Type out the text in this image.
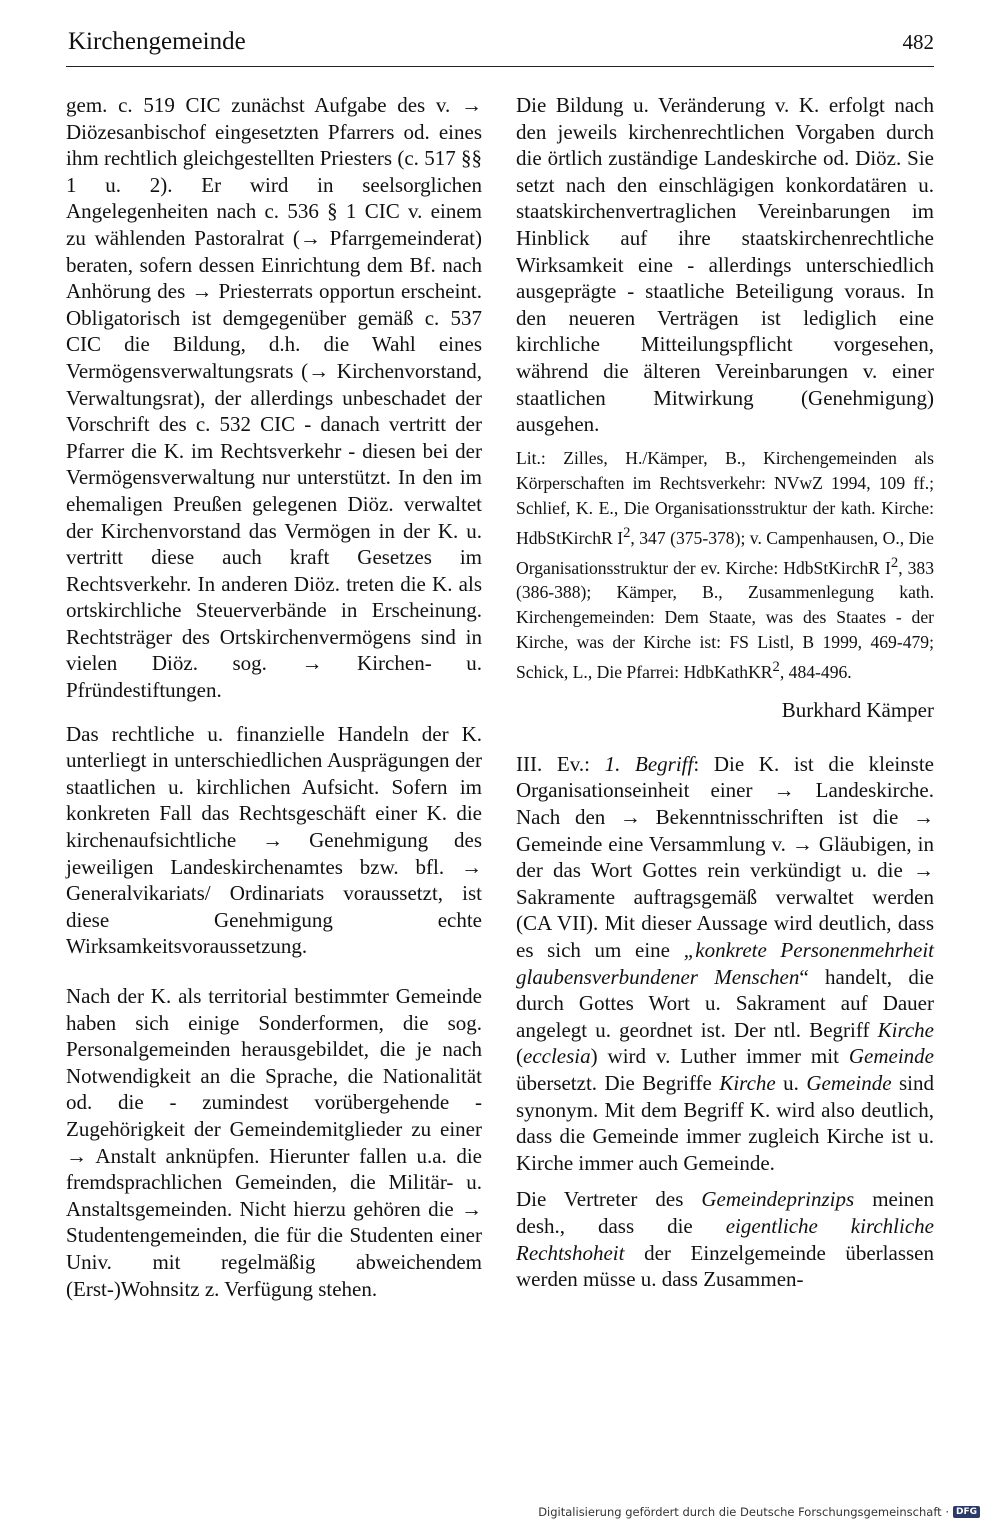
Kirchengemeinde	482

gem. c. 519 CIC zunächst Aufgabe des v. → Diözesanbischof eingesetzten Pfarrers od. eines ihm rechtlich gleichgestellten Priesters (c. 517 §§ 1 u. 2). Er wird in seelsorglichen Angelegenheiten nach c. 536 § 1 CIC v. einem zu wählenden Pastoralrat (→ Pfarrgemeinderat) beraten, sofern dessen Einrichtung dem Bf. nach Anhörung des → Priesterrats opportun erscheint. Obligatorisch ist demgegenüber gemäß c. 537 CIC die Bildung, d.h. die Wahl eines Vermögensverwaltungsrats (→ Kirchenvorstand, Verwaltungsrat), der allerdings unbeschadet der Vorschrift des c. 532 CIC - danach vertritt der Pfarrer die K. im Rechtsverkehr - diesen bei der Vermögensverwaltung nur unterstützt. In den im ehemaligen Preußen gelegenen Diöz. verwaltet der Kirchenvorstand das Vermögen in der K. u. vertritt diese auch kraft Gesetzes im Rechtsverkehr. In anderen Diöz. treten die K. als ortskirchliche Steuerverbände in Erscheinung. Rechtsträger des Ortskirchenvermögens sind in vielen Diöz. sog. → Kirchen- u. Pfründestiftungen.

Das rechtliche u. finanzielle Handeln der K. unterliegt in unterschiedlichen Ausprägungen der staatlichen u. kirchlichen Aufsicht. Sofern im konkreten Fall das Rechtsgeschäft einer K. die kirchenaufsichtliche → Genehmigung des jeweiligen Landeskirchenamtes bzw. bfl. → Generalvikariats/ Ordinariats voraussetzt, ist diese Genehmigung echte Wirksamkeitsvoraussetzung.

Nach der K. als territorial bestimmter Gemeinde haben sich einige Sonderformen, die sog. Personalgemeinden herausgebildet, die je nach Notwendigkeit an die Sprache, die Nationalität od. die - zumindest vorübergehende - Zugehörigkeit der Gemeindemitglieder zu einer → Anstalt anknüpfen. Hierunter fallen u.a. die fremdsprachlichen Gemeinden, die Militär- u. Anstaltsgemeinden. Nicht hierzu gehören die → Studentengemeinden, die für die Studenten einer Univ. mit regelmäßig abweichendem (Erst-)Wohnsitz z. Verfügung stehen.

Die Bildung u. Veränderung v. K. erfolgt nach den jeweils kirchenrechtlichen Vorgaben durch die örtlich zuständige Landeskirche od. Diöz. Sie setzt nach den einschlägigen konkordatären u. staatskirchenvertraglichen Vereinbarungen im Hinblick auf ihre staatskirchenrechtliche Wirksamkeit eine - allerdings unterschiedlich ausgeprägte - staatliche Beteiligung voraus. In den neueren Verträgen ist lediglich eine kirchliche Mitteilungspflicht vorgesehen, während die älteren Vereinbarungen v. einer staatlichen Mitwirkung (Genehmigung) ausgehen.

Lit.: Zilles, H./Kämper, B., Kirchengemeinden als Körperschaften im Rechtsverkehr: NVwZ 1994, 109 ff.; Schlief, K. E., Die Organisationsstruktur der kath. Kirche: HdbStKirchR $I^2$, 347 (375-378); v. Campenhausen, O., Die Organisationsstruktur der ev. Kirche: HdbStKirchR $I^2$, 383 (386-388); Kämper, B., Zusammenlegung kath. Kirchengemeinden: Dem Staate, was des Staates - der Kirche, was der Kirche ist: FS Listl, B 1999, 469-479; Schick, L., Die Pfarrei: HdbKathKR$^2$, 484-496.

Burkhard Kämper

III. Ev.: 1. Begriff: Die K. ist die kleinste Organisationseinheit einer → Landeskirche. Nach den → Bekenntnisschriften ist die → Gemeinde eine Versammlung v. → Gläubigen, in der das Wort Gottes rein verkündigt u. die → Sakramente auftragsgemäß verwaltet werden (CA VII). Mit dieser Aussage wird deutlich, dass es sich um eine „konkrete Personenmehrheit glaubensverbundener Menschen“ handelt, die durch Gottes Wort u. Sakrament auf Dauer angelegt u. geordnet ist. Der ntl. Begriff Kirche (ecclesia) wird v. Luther immer mit Gemeinde übersetzt. Die Begriffe Kirche u. Gemeinde sind synonym. Mit dem Begriff K. wird also deutlich, dass die Gemeinde immer zugleich Kirche ist u. Kirche immer auch Gemeinde.

Die Vertreter des Gemeindeprinzips meinen desh., dass die eigentliche kirchliche Rechtshoheit der Einzelgemeinde überlassen werden müsse u. dass Zusammen-

Digitalisierung gefördert durch die Deutsche Forschungsgemeinschaft · DFG
